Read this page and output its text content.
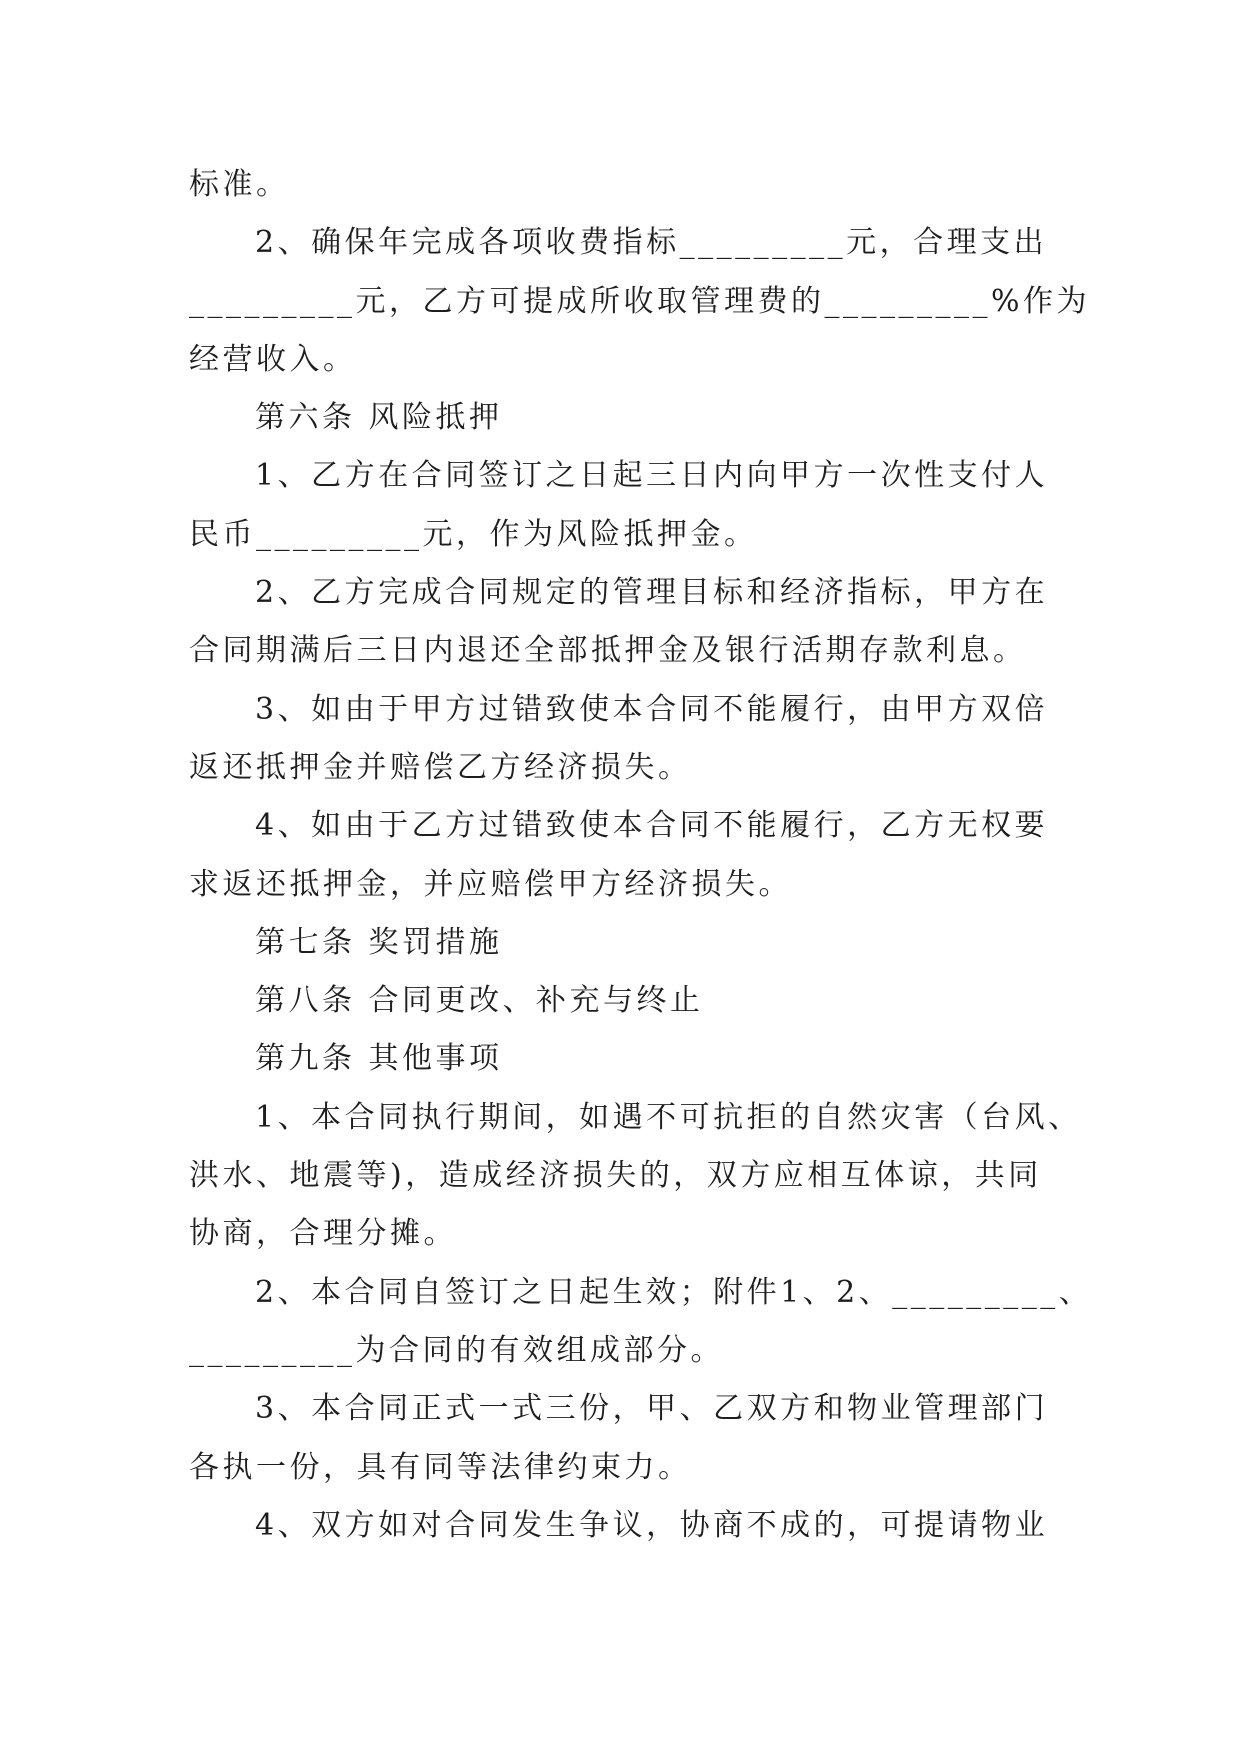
标准。
2、确保年完成各项收费指标_________元，合理支出
_________元，乙方可提成所收取管理费的_________%作为
经营收入。
第六条 风险抵押
1、乙方在合同签订之日起三日内向甲方一次性支付人
民币_________元，作为风险抵押金。
2、乙方完成合同规定的管理目标和经济指标，甲方在
合同期满后三日内退还全部抵押金及银行活期存款利息。
3、如由于甲方过错致使本合同不能履行，由甲方双倍
返还抵押金并赔偿乙方经济损失。
4、如由于乙方过错致使本合同不能履行，乙方无权要
求返还抵押金，并应赔偿甲方经济损失。
第七条 奖罚措施
第八条 合同更改、补充与终止
第九条 其他事项
1、本合同执行期间，如遇不可抗拒的自然灾害（台风、
洪水、地震等)，造成经济损失的，双方应相互体谅，共同
协商，合理分摊。
2、本合同自签订之日起生效；附件1、2、_________、
_________为合同的有效组成部分。
3、本合同正式一式三份，甲、乙双方和物业管理部门
各执一份，具有同等法律约束力。
4、双方如对合同发生争议，协商不成的，可提请物业
